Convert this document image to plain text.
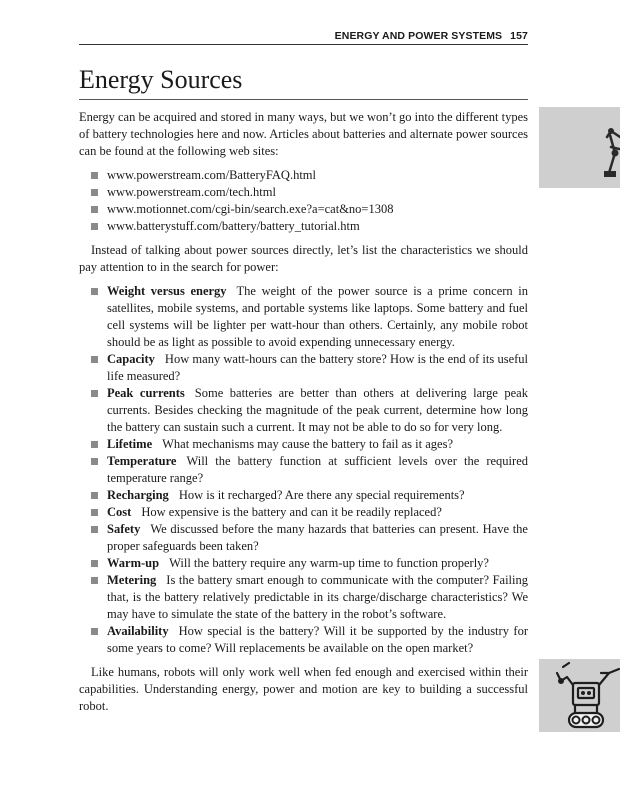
ENERGY AND POWER SYSTEMS 157
Energy Sources

Energy can be acquired and stored in many ways, but we won’t go into the different types of battery technologies here and now. Articles about batteries and alternate power sources can be found at the following web sites:

www.powerstream.com/BatteryFAQ.html
www.powerstream.com/tech.html
www.motionnet.com/cgi-bin/search.exe?a=cat&no=1308
www.batterystuff.com/battery/battery_tutorial.htm

Instead of talking about power sources directly, let’s list the characteristics we should pay attention to in the search for power:

Weight versus energy The weight of the power source is a prime concern in satellites, mobile systems, and portable systems like laptops. Some battery and fuel cell systems will be lighter per watt-hour than others. Certainly, any mobile robot should be as light as possible to avoid expending unnecessary energy.
Capacity How many watt-hours can the battery store? How is the end of its useful life measured?
Peak currents Some batteries are better than others at delivering large peak currents. Besides checking the magnitude of the peak current, determine how long the battery can sustain such a current. It may not be able to do so for very long.
Lifetime What mechanisms may cause the battery to fail as it ages?
Temperature Will the battery function at sufficient levels over the required temperature range?
Recharging How is it recharged? Are there any special requirements?
Cost How expensive is the battery and can it be readily replaced?
Safety We discussed before the many hazards that batteries can present. Have the proper safeguards been taken?
Warm-up Will the battery require any warm-up time to function properly?
Metering Is the battery smart enough to communicate with the computer? Failing that, is the battery relatively predictable in its charge/discharge characteristics? We may have to simulate the state of the battery in the robot’s software.
Availability How special is the battery? Will it be supported by the industry for some years to come? Will replacements be available on the open market?

Like humans, robots will only work well when fed enough and exercised within their capabilities. Understanding energy, power and motion are key to building a successful robot.
